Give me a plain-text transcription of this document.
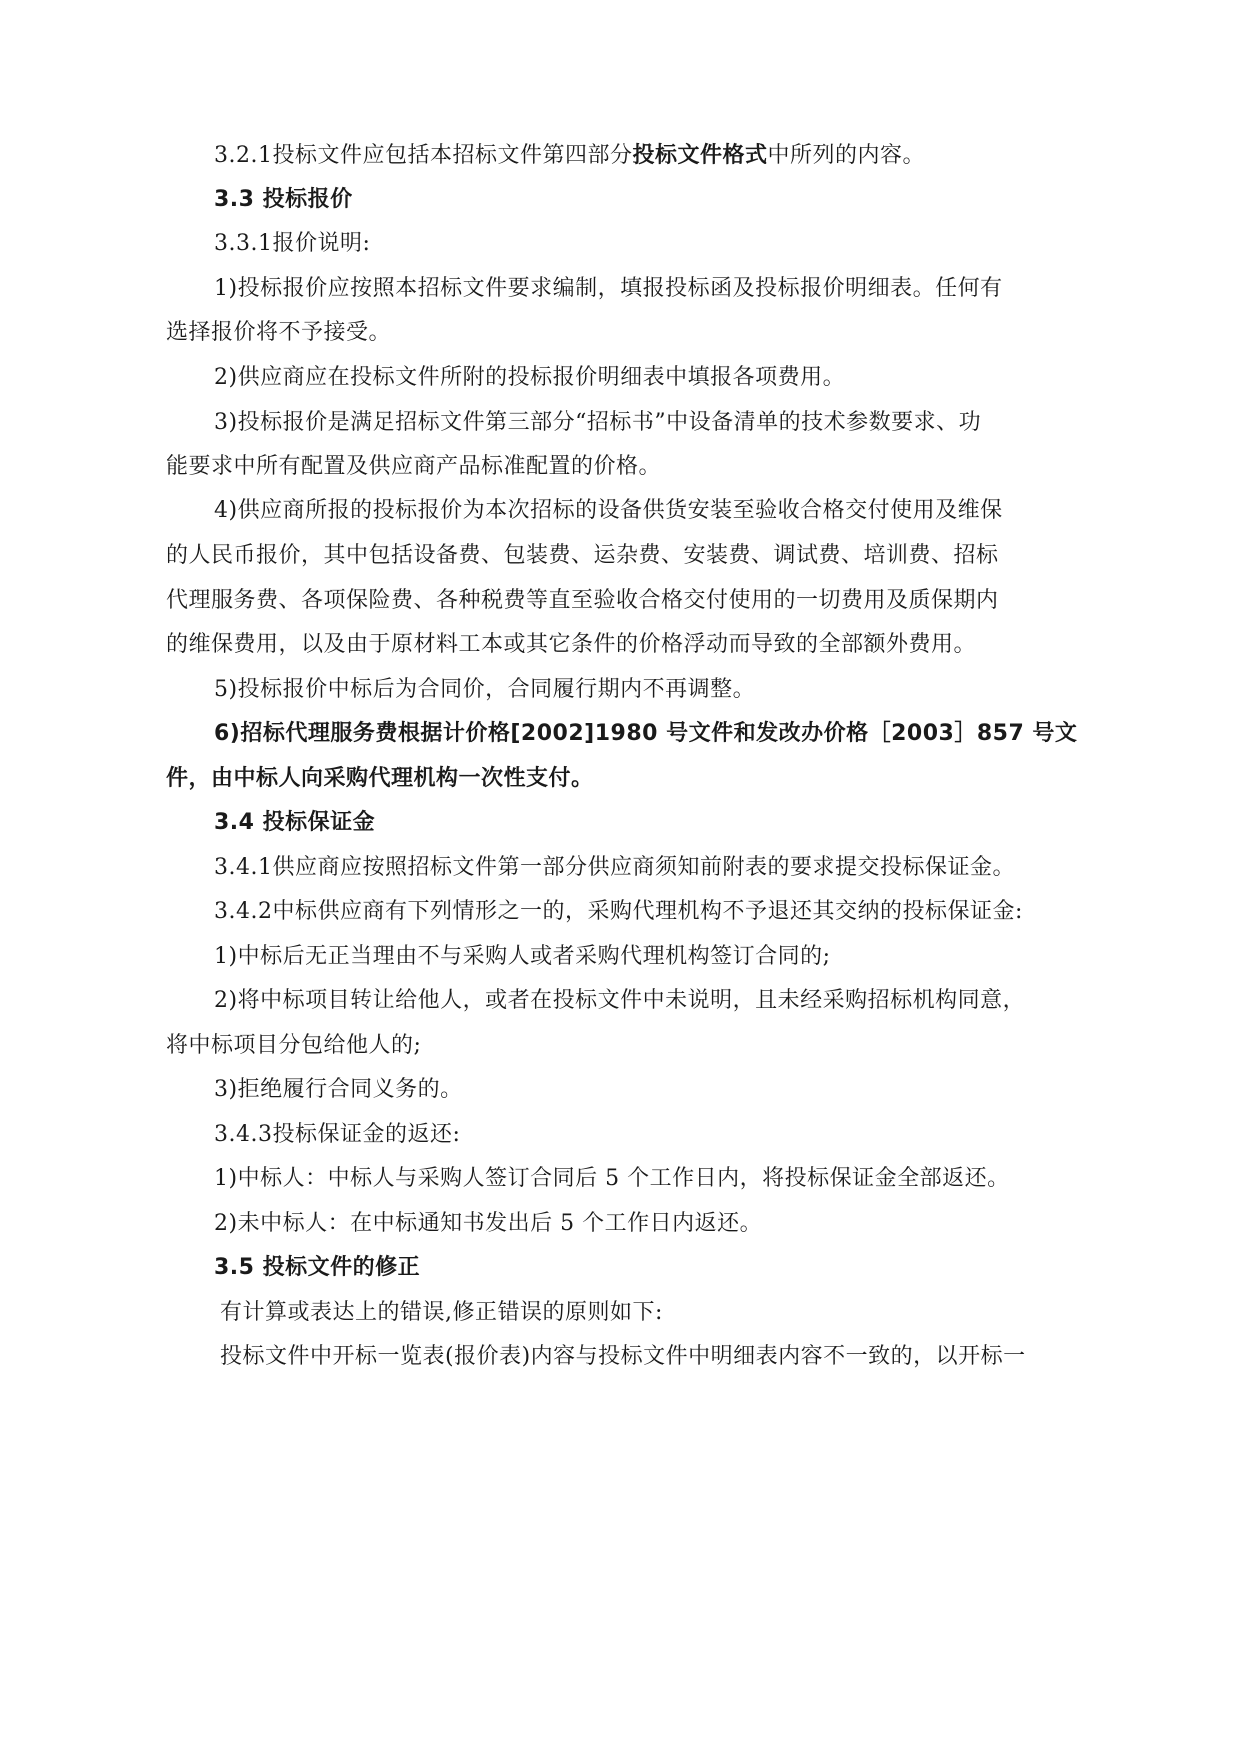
3.2.1投标文件应包括本招标文件第四部分投标文件格式中所列的内容。
3.3 投标报价
3.3.1报价说明:
1)投标报价应按照本招标文件要求编制，填报投标函及投标报价明细表。任何有
选择报价将不予接受。
2)供应商应在投标文件所附的投标报价明细表中填报各项费用。
3)投标报价是满足招标文件第三部分“招标书”中设备清单的技术参数要求、功
能要求中所有配置及供应商产品标准配置的价格。
4)供应商所报的投标报价为本次招标的设备供货安装至验收合格交付使用及维保
的人民币报价，其中包括设备费、包装费、运杂费、安装费、调试费、培训费、招标
代理服务费、各项保险费、各种税费等直至验收合格交付使用的一切费用及质保期内
的维保费用，以及由于原材料工本或其它条件的价格浮动而导致的全部额外费用。
5)投标报价中标后为合同价，合同履行期内不再调整。
6)招标代理服务费根据计价格[2002]1980 号文件和发改办价格［2003］857 号文
件，由中标人向采购代理机构一次性支付。
3.4 投标保证金
3.4.1供应商应按照招标文件第一部分供应商须知前附表的要求提交投标保证金。
3.4.2中标供应商有下列情形之一的，采购代理机构不予退还其交纳的投标保证金:
1)中标后无正当理由不与采购人或者采购代理机构签订合同的;
2)将中标项目转让给他人，或者在投标文件中未说明，且未经采购招标机构同意，
将中标项目分包给他人的;
3)拒绝履行合同义务的。
3.4.3投标保证金的返还:
1)中标人：中标人与采购人签订合同后 5 个工作日内，将投标保证金全部返还。
2)未中标人：在中标通知书发出后 5 个工作日内返还。
3.5 投标文件的修正
有计算或表达上的错误,修正错误的原则如下:
投标文件中开标一览表(报价表)内容与投标文件中明细表内容不一致的，以开标一
